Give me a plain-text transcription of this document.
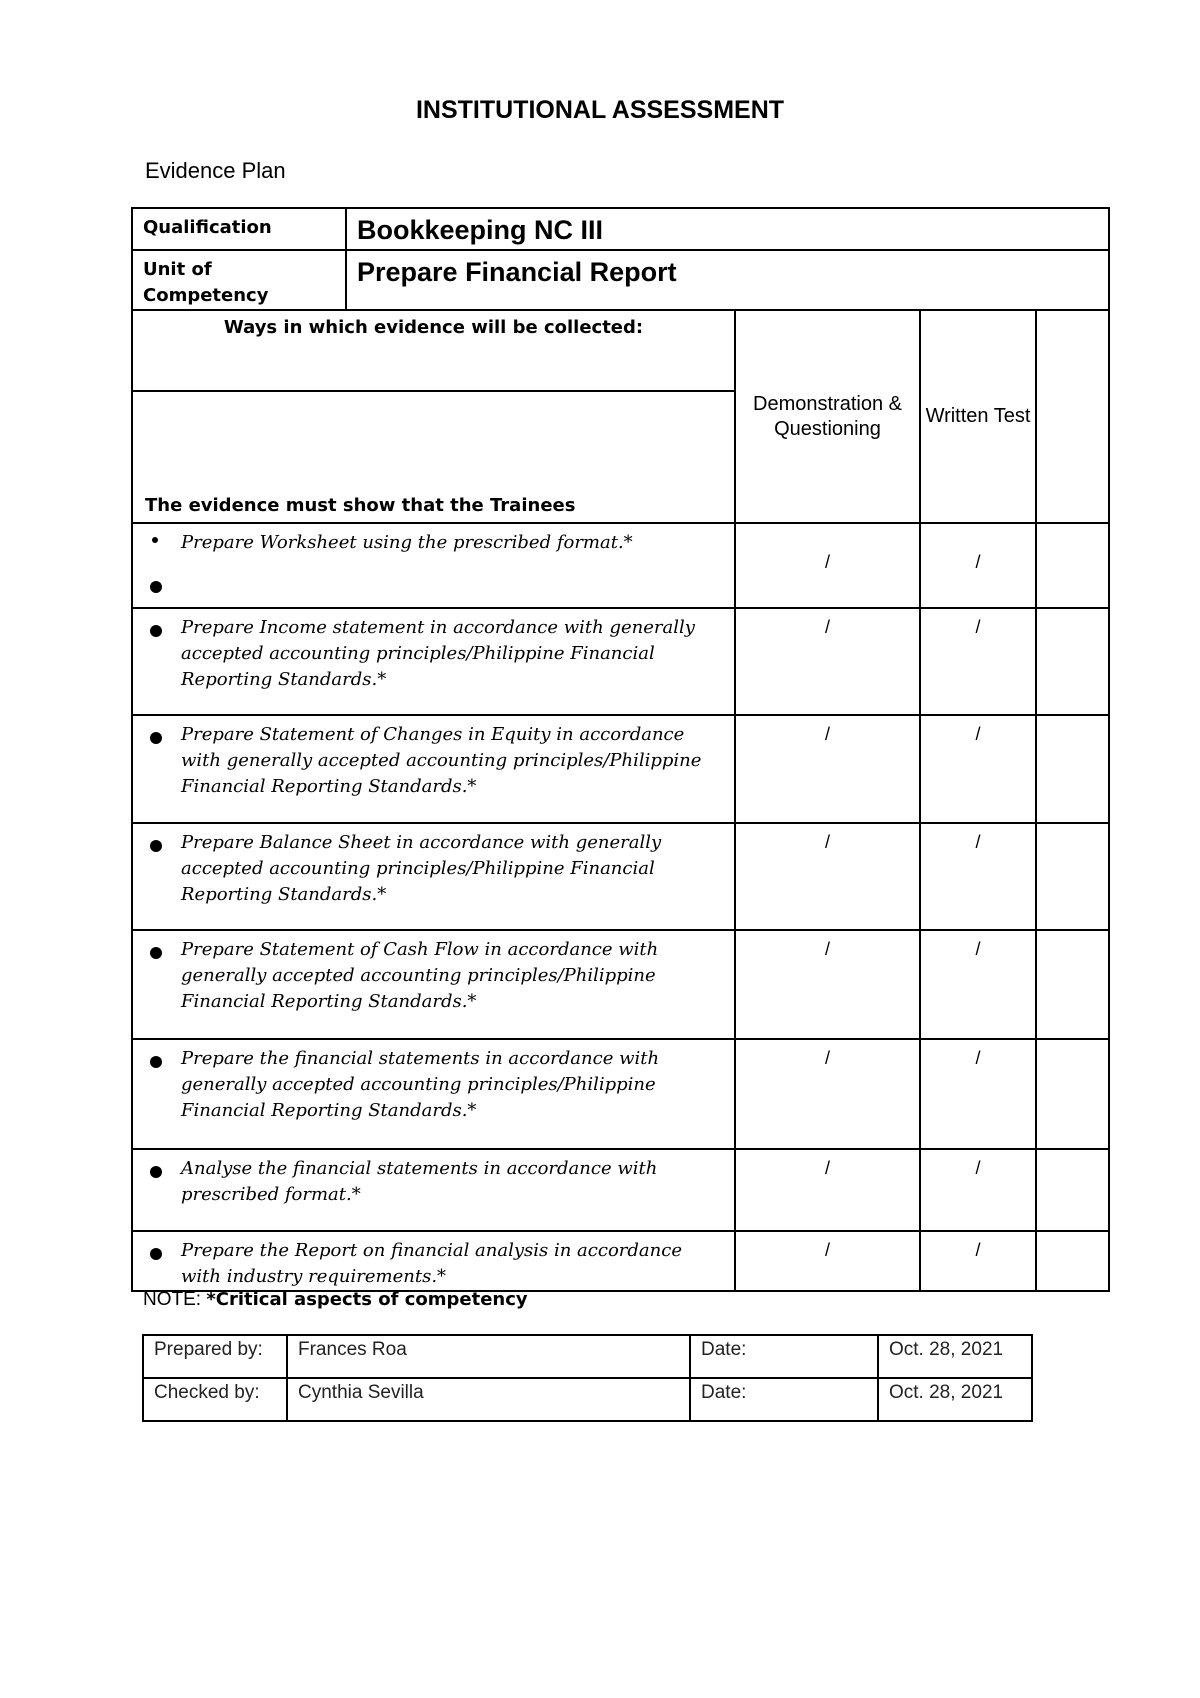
INSTITUTIONAL ASSESSMENT

Evidence Plan

Qualification	Bookkeeping NC III			
Unit of Competency	Prepare Financial Report			
Ways in which evidence will be collected:		Demonstration & Questioning	Written Test	
The evidence must show that the Trainees				

Prepare Worksheet using the prescribed format.*		/	/	

Prepare Income statement in accordance with generally accepted accounting principles/Philippine Financial Reporting Standards.*		/	/	

Prepare Statement of Changes in Equity in accordance with generally accepted accounting principles/Philippine Financial Reporting Standards.*		/	/	

Prepare Balance Sheet in accordance with generally accepted accounting principles/Philippine Financial Reporting Standards.*		/	/	

Prepare Statement of Cash Flow in accordance with generally accepted accounting principles/Philippine Financial Reporting Standards.*		/	/	

Prepare the financial statements in accordance with generally accepted accounting principles/Philippine Financial Reporting Standards.*		/	/	

Analyse the financial statements in accordance with prescribed format.*		/	/	

Prepare the Report on financial analysis in accordance with industry requirements.*		/	/	

NOTE: *Critical aspects of competency

Prepared by:	Frances Roa	Date:	Oct. 28, 2021
Checked by:	Cynthia Sevilla	Date:	Oct. 28, 2021
